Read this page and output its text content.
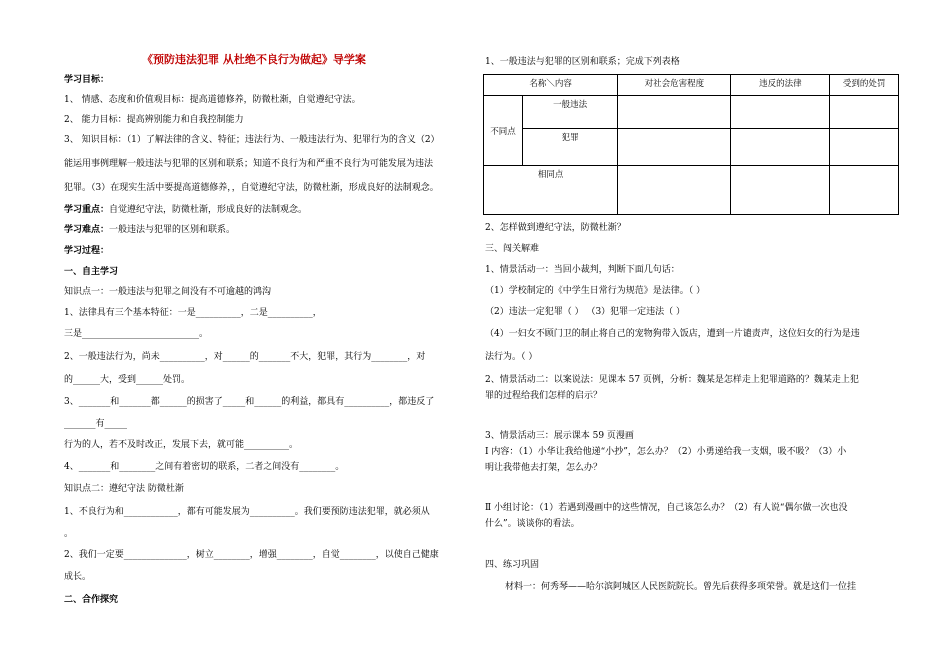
《预防违法犯罪 从杜绝不良行为做起》导学案
学习目标：
1、 情感、态度和价值观目标：提高道德修养，防微杜渐，自觉遵纪守法。
2、 能力目标：提高辨别能力和自我控制能力
3、 知识目标：（1）了解法律的含义、特征；违法行为、一般违法行为、犯罪行为的含义（2）
能运用事例理解一般违法与犯罪的区别和联系；知道不良行为和严重不良行为可能发展为违法
犯罪。（3）在现实生活中要提高道德修养，，自觉遵纪守法，防微杜渐，形成良好的法制观念。
学习重点：自觉遵纪守法，防微杜渐，形成良好的法制观念。
学习难点：一般违法与犯罪的区别和联系。
学习过程：
一、自主学习
知识点一：一般违法与犯罪之间没有不可逾越的鸿沟
1、法律具有三个基本特征：一是__________，二是__________，
三是__________________________。
2、一般违法行为，尚未__________，对______的_______不大，犯罪，其行为________，对
的______大，受到______处罚。
3、_______和_______都______的损害了_____和______的利益，都具有__________，都违反了
_______有_____
行为的人，若不及时改正，发展下去，就可能__________。
4、_______和________之间有着密切的联系，二者之间没有________。
知识点二：遵纪守法 防微杜渐
1、不良行为和____________，都有可能发展为__________。我们要预防违法犯罪，就必须从
。
2、我们一定要______________，树立________，增强________，自觉________，以使自己健康
成长。
二、合作探究
1、一般违法与犯罪的区别和联系；完成下列表格
名称＼内容		对社会危害程度	违反的法律	受到的处罚
不同点	一般违法			
	犯罪			
相同点				
2、怎样做到遵纪守法，防微杜渐？
三、闯关解难
1、情景活动一：当回小裁判，判断下面几句话：
（1）学校制定的《中学生日常行为规范》是法律。（ ）
（2）违法一定犯罪（ ） （3）犯罪一定违法（ ）
（4）一妇女不顾门卫的制止将自己的宠物狗带入饭店，遭到一片谴责声，这位妇女的行为是违
法行为。（ ）
2、情景活动二：以案说法：见课本 57 页例，分析：魏某是怎样走上犯罪道路的？魏某走上犯
罪的过程给我们怎样的启示？
3、情景活动三：展示课本 59 页漫画
Ⅰ 内容：（1）小华让我给他递“小抄”，怎么办？（2）小勇递给我一支烟，吸不吸？（3）小
明让我带他去打架，怎么办？
Ⅱ 小组讨论：（1）若遇到漫画中的这些情况，自己该怎么办？（2）有人说“偶尔做一次也没
什么”。谈谈你的看法。
四、练习巩固
材料一：何秀琴——哈尔滨阿城区人民医院院长。曾先后获得多项荣誉。就是这们一位挂
